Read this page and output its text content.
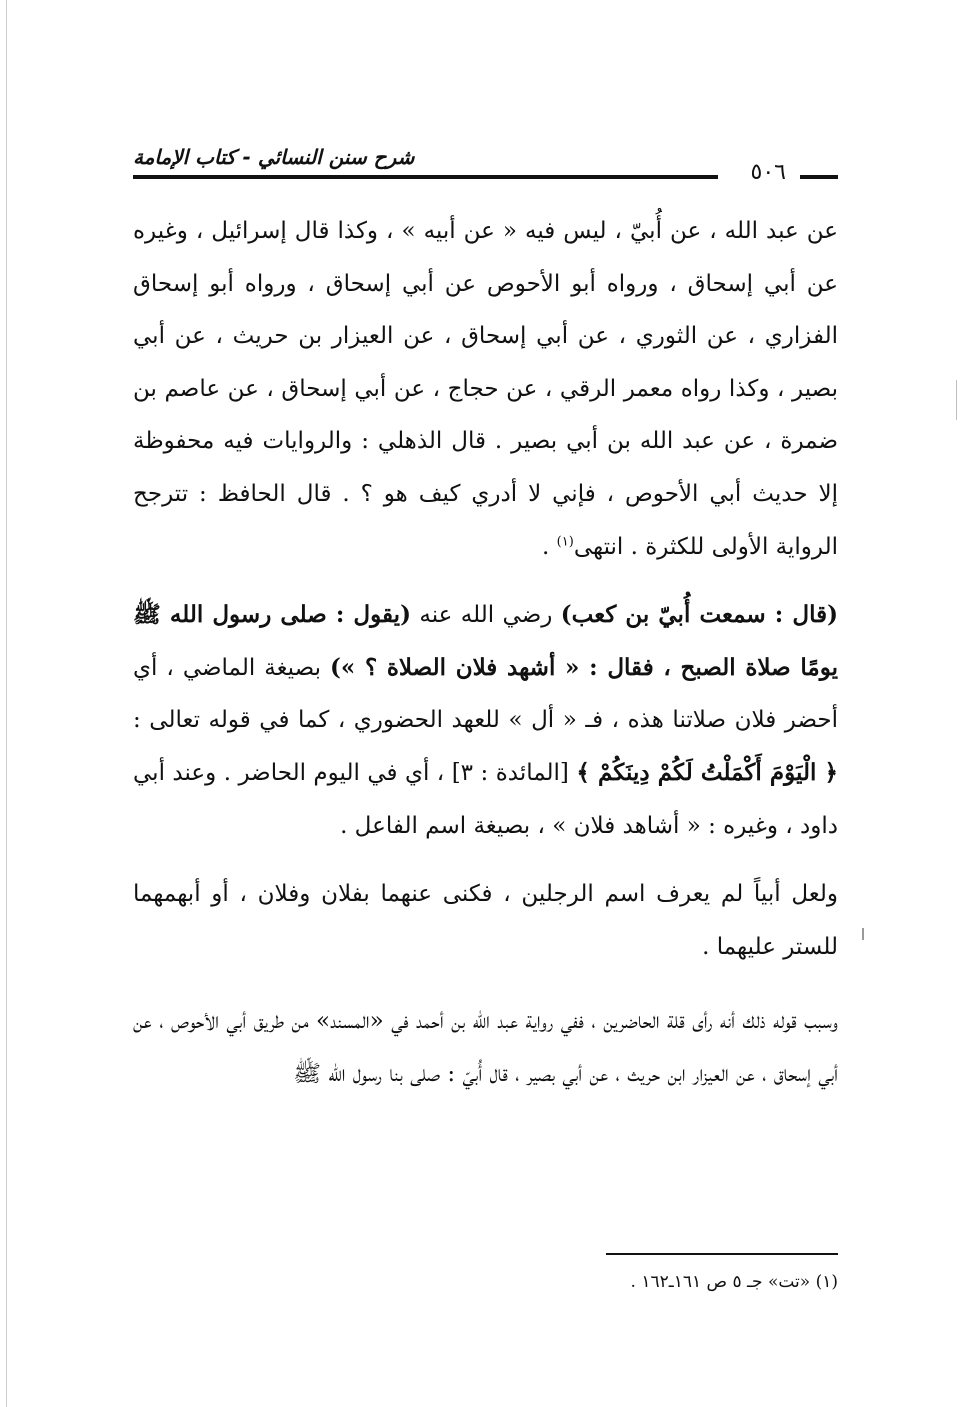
شرح سنن النسائي - كتاب الإمامة
٥٠٦

عن عبد الله ، عن أُبيّ ، ليس فيه « عن أبيه » ، وكذا قال إسرائيل ، وغيره عن أبي إسحاق ، ورواه أبو الأحوص عن أبي إسحاق ، ورواه أبو إسحاق الفزاري ، عن الثوري ، عن أبي إسحاق ، عن العيزار بن حريث ، عن أبي بصير ، وكذا رواه معمر الرقي ، عن حجاج ، عن أبي إسحاق ، عن عاصم بن ضمرة ، عن عبد الله بن أبي بصير . قال الذهلي : والروايات فيه محفوظة إلا حديث أبي الأحوص ، فإني لا أدري كيف هو ؟ . قال الحافظ : تترجح الرواية الأولى للكثرة . انتهى$^{(١)}$ .

(قال : سمعت أُبيّ بن كعب) رضي الله عنه (يقول : صلى رسول الله ﷺ يومًا صلاة الصبح ، فقال : « أشهد فلان الصلاة ؟ ») بصيغة الماضي ، أي أحضر فلان صلاتنا هذه ، فـ « أل » للعهد الحضوري ، كما في قوله تعالى : ﴿ الْيَوْمَ أَكْمَلْتُ لَكُمْ دِينَكُمْ ﴾ [المائدة : ٣] ، أي في اليوم الحاضر . وعند أبي داود ، وغيره : « أشاهد فلان » ، بصيغة اسم الفاعل .

ولعل أبياً لم يعرف اسم الرجلين ، فكنى عنهما بفلان وفلان ، أو أبهمهما للستر عليهما .

وسبب قوله ذلك أنه رأى قلة الحاضرين ، ففي رواية عبد الله بن أحمد في «المسند» من طريق أبي الأحوص ، عن أبي إسحاق ، عن العيزار ابن حريث ، عن أبي بصير ، قال أُبيّ : صلى بنا رسول الله ﷺ

(١) «تت» جـ ٥ ص ١٦١ـ١٦٢ .
